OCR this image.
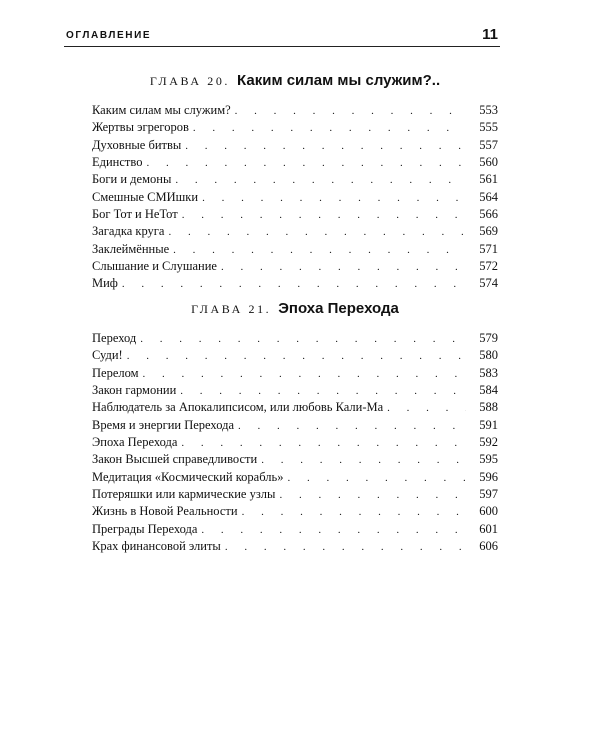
ОГЛАВЛЕНИЕ	11
ГЛАВА 20. Каким силам мы служим?..
Каким силам мы служим? . . .	553
Жертвы эгрегоров . . .	555
Духовные битвы . . .	557
Единство . . .	560
Боги и демоны . . .	561
Смешные СМИшки . . .	564
Бог Тот и НеТот . . .	566
Загадка круга . . .	569
Заклеймённые . . .	571
Слышание и Слушание . . .	572
Миф . . .	574
ГЛАВА 21. Эпоха Перехода
Переход . . .	579
Суди! . . .	580
Перелом . . .	583
Закон гармонии . . .	584
Наблюдатель за Апокалипсисом, или любовь Кали-Ма . . .	588
Время и энергии Перехода . . .	591
Эпоха Перехода . . .	592
Закон Высшей справедливости . . .	595
Медитация «Космический корабль» . . .	596
Потеряшки или кармические узлы . . .	597
Жизнь в Новой Реальности . . .	600
Преграды Перехода . . .	601
Крах финансовой элиты . . .	606
